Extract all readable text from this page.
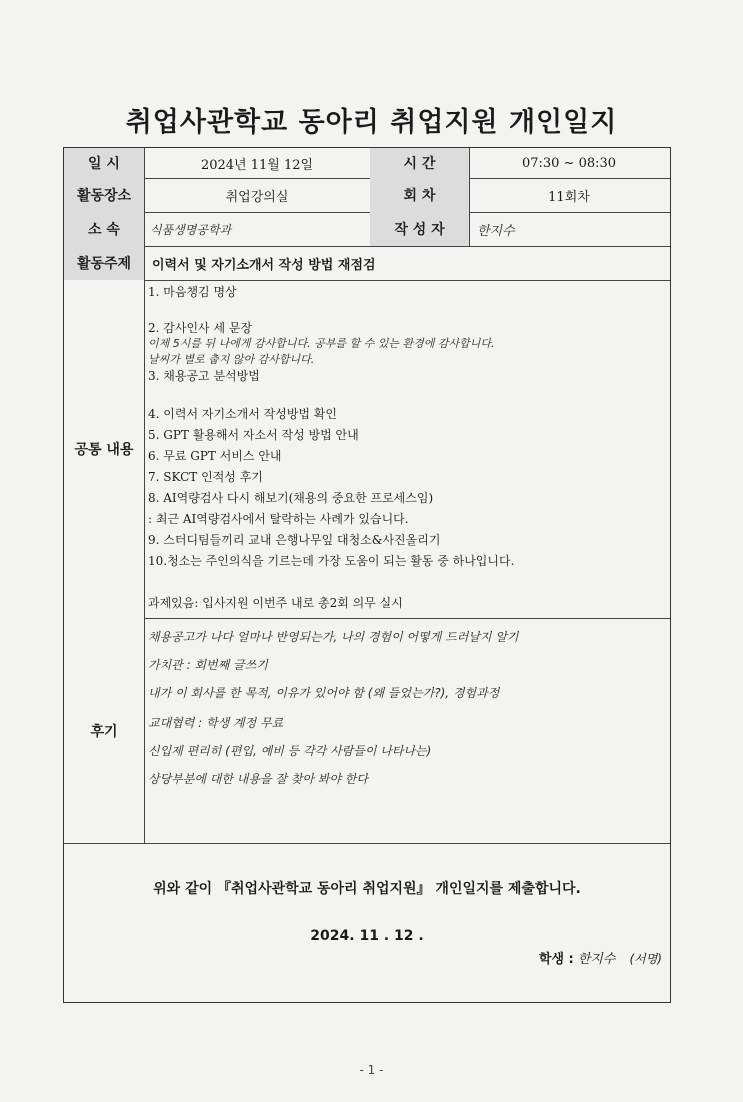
취업사관학교 동아리 취업지원 개인일지
일 시	2024년 11월 12일	시 간	07:30 ~ 08:30
활동장소	취업강의실	회 차	11회차
소 속	식품생명공학과	작 성 자	한지수
활동주제	이력서 및 자기소개서 작성 방법 재점검
공통 내용
1. 마음챙김 명상
2. 감사인사 세 문장
이제 5시를 뒤 나에게 감사합니다. 공부를 할 수 있는 환경에 감사합니다.
날씨가 별로 춥지 않아 감사합니다.
3. 채용공고 분석방법
4. 이력서 자기소개서 작성방법 확인
5. GPT 활용해서 자소서 작성 방법 안내
6. 무료 GPT 서비스 안내
7. SKCT 인적성 후기
8. AI역량검사 다시 해보기(채용의 중요한 프로세스임)
: 최근 AI역량검사에서 탈락하는 사례가 있습니다.
9. 스터디팀들끼리 교내 은행나무잎 대청소&사진올리기
10.청소는 주인의식을 기르는데 가장 도움이 되는 활동 중 하나입니다.
과제있음: 입사지원 이번주 내로 총2회 의무 실시
후기
채용공고가 나다 얼마나 반영되는가, 나의 경험이 어떻게 드러날지 알기
가치관 : 회번째 글쓰기
내가 이 회사를 한 목적, 이유가 있어야 함 (왜 들었는가?), 경험과정
교대협력 : 학생 계정 무료
신입제 편리히 (편입, 예비 등 각각 사람들이 나타나는)
상당부분에 대한 내용을 잘 찾아 봐야 한다
위와 같이 『취업사관학교 동아리 취업지원』 개인일지를 제출합니다.
2024. 11 . 12 .
학생 : 한지수 (서명)
- 1 -
